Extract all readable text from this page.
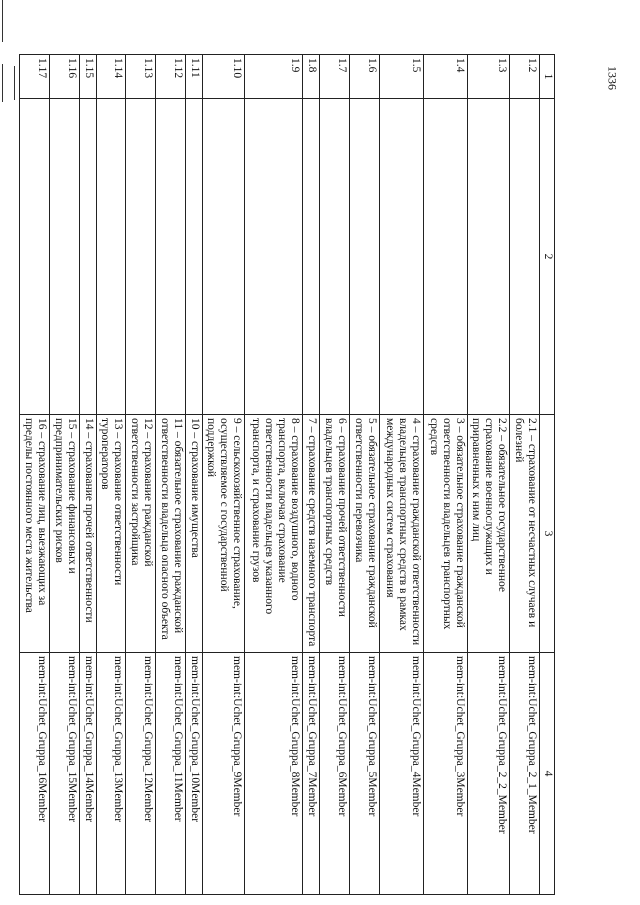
1336
1	2	3	4
1.2		2.1 – страхование от несчастных случаев и болезней	mem-int:Uchet_Gruppa_2_1_Member
1.3		2.2 – обязательное государственное страхование военнослужащих и приравненных к ним лиц	mem-int:Uchet_Gruppa_2_2_Member
1.4		3 – обязательное страхование гражданской ответственности владельцев транспортных средств	mem-int:Uchet_Gruppa_3Member
1.5		4 – страхование гражданской ответственности владельцев транспортных средств в рамках международных систем страхования	mem-int:Uchet_Gruppa_4Member
1.6		5 – обязательное страхование гражданской ответственности перевозчика	mem-int:Uchet_Gruppa_5Member
1.7		6 – страхование прочей ответственности владельцев транспортных средств	mem-int:Uchet_Gruppa_6Member
1.8		7 – страхование средств наземного транспорта	mem-int:Uchet_Gruppa_7Member
1.9		8 – страхование воздушного, водного транспорта, включая страхование ответственности владельцев указанного транспорта, и страхование грузов	mem-int:Uchet_Gruppa_8Member
1.10		9 – сельскохозяйственное страхование, осуществляемое с государственной поддержкой	mem-int:Uchet_Gruppa_9Member
1.11		10 – страхование имущества	mem-int:Uchet_Gruppa_10Member
1.12		11 – обязательное страхование гражданской ответственности владельца опасного объекта	mem-int:Uchet_Gruppa_11Member
1.13		12 – страхование гражданской ответственности застройщика	mem-int:Uchet_Gruppa_12Member
1.14		13 – страхование ответственности туроператоров	mem-int:Uchet_Gruppa_13Member
1.15		14 – страхование прочей ответственности	mem-int:Uchet_Gruppa_14Member
1.16		15 – страхование финансовых и предпринимательских рисков	mem-int:Uchet_Gruppa_15Member
1.17		16 – страхование лиц, выезжающих за пределы постоянного места жительства	mem-int:Uchet_Gruppa_16Member
